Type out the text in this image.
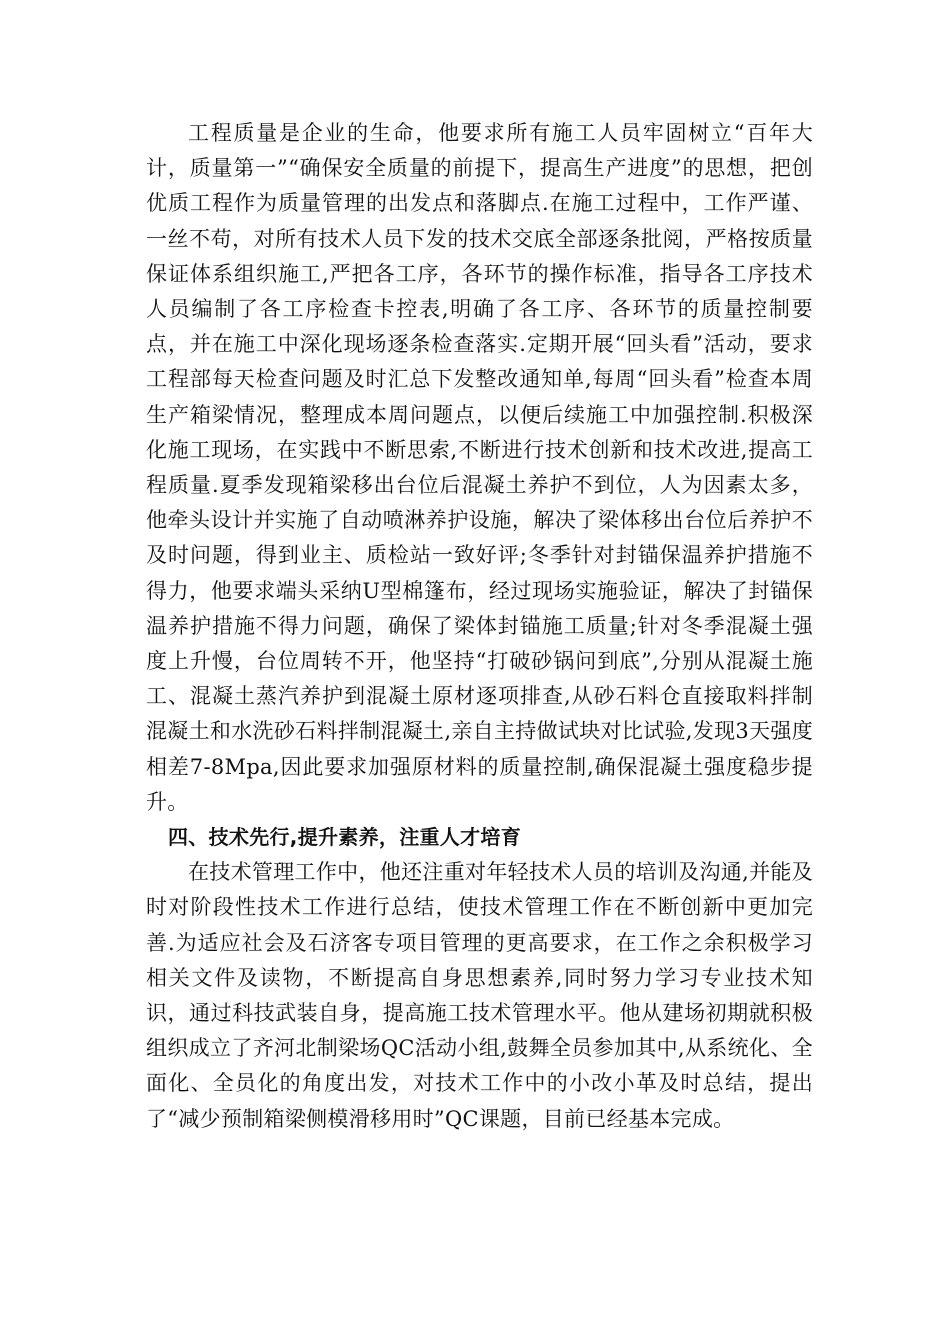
工程质量是企业的生命，他要求所有施工人员牢固树立“百年大计，质量第一”“确保安全质量的前提下，提高生产进度”的思想，把创优质工程作为质量管理的出发点和落脚点.在施工过程中，工作严谨、一丝不苟，对所有技术人员下发的技术交底全部逐条批阅，严格按质量保证体系组织施工,严把各工序，各环节的操作标准，指导各工序技术人员编制了各工序检查卡控表,明确了各工序、各环节的质量控制要点，并在施工中深化现场逐条检查落实.定期开展“回头看”活动，要求工程部每天检查问题及时汇总下发整改通知单,每周“回头看”检查本周生产箱梁情况，整理成本周问题点，以便后续施工中加强控制.积极深化施工现场，在实践中不断思索,不断进行技术创新和技术改进,提高工程质量.夏季发现箱梁移出台位后混凝土养护不到位，人为因素太多，他牵头设计并实施了自动喷淋养护设施，解决了梁体移出台位后养护不及时问题，得到业主、质检站一致好评;冬季针对封锚保温养护措施不得力，他要求端头采纳U型棉篷布，经过现场实施验证，解决了封锚保温养护措施不得力问题，确保了梁体封锚施工质量;针对冬季混凝土强度上升慢，台位周转不开，他坚持“打破砂锅问到底”,分别从混凝土施工、混凝土蒸汽养护到混凝土原材逐项排查,从砂石料仓直接取料拌制混凝土和水洗砂石料拌制混凝土,亲自主持做试块对比试验,发现3天强度相差7-8Mpa,因此要求加强原材料的质量控制,确保混凝土强度稳步提升。

四、技术先行,提升素养，注重人才培育

在技术管理工作中，他还注重对年轻技术人员的培训及沟通,并能及时对阶段性技术工作进行总结，使技术管理工作在不断创新中更加完善.为适应社会及石济客专项目管理的更高要求，在工作之余积极学习相关文件及读物，不断提高自身思想素养,同时努力学习专业技术知识，通过科技武装自身，提高施工技术管理水平。他从建场初期就积极组织成立了齐河北制梁场QC活动小组,鼓舞全员参加其中,从系统化、全面化、全员化的角度出发，对技术工作中的小改小革及时总结，提出了“减少预制箱梁侧模滑移用时”QC课题，目前已经基本完成。
